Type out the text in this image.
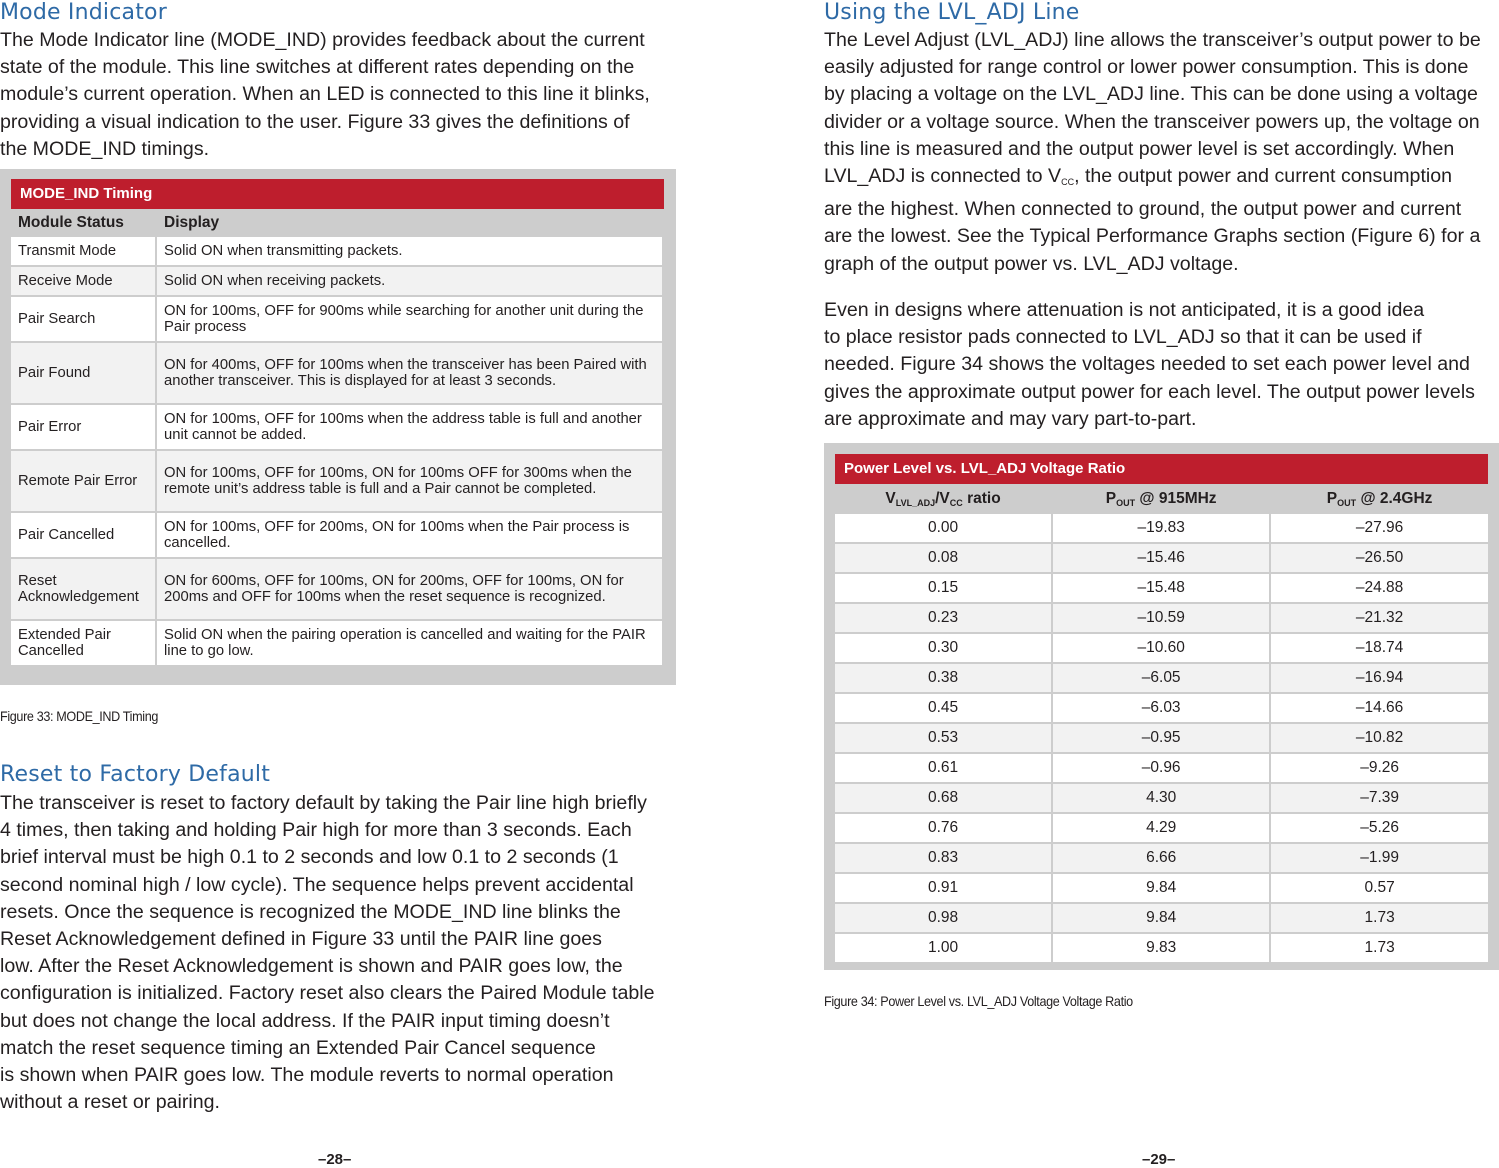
Mode Indicator

The Mode Indicator line (MODE_IND) provides feedback about the current
state of the module. This line switches at different rates depending on the
module’s current operation. When an LED is connected to this line it blinks,
providing a visual indication to the user. Figure 33 gives the definitions of
the MODE_IND timings.

MODE_IND Timing
Module Status	Display
Transmit Mode	Solid ON when transmitting packets.
Receive Mode	Solid ON when receiving packets.
Pair Search	ON for 100ms, OFF for 900ms while searching for another unit during the Pair process
Pair Found	ON for 400ms, OFF for 100ms when the transceiver has been Paired with another transceiver. This is displayed for at least 3 seconds.
Pair Error	ON for 100ms, OFF for 100ms when the address table is full and another unit cannot be added.
Remote Pair Error	ON for 100ms, OFF for 100ms, ON for 100ms OFF for 300ms when the remote unit’s address table is full and a Pair cannot be completed.
Pair Cancelled	ON for 100ms, OFF for 200ms, ON for 100ms when the Pair process is cancelled.
Reset Acknowledgement	ON for 600ms, OFF for 100ms, ON for 200ms, OFF for 100ms, ON for 200ms and OFF for 100ms when the reset sequence is recognized.
Extended Pair Cancelled	Solid ON when the pairing operation is cancelled and waiting for the PAIR line to go low.
Figure 33: MODE_IND Timing
Reset to Factory Default

The transceiver is reset to factory default by taking the Pair line high briefly
4 times, then taking and holding Pair high for more than 3 seconds. Each
brief interval must be high 0.1 to 2 seconds and low 0.1 to 2 seconds (1
second nominal high / low cycle). The sequence helps prevent accidental
resets. Once the sequence is recognized the MODE_IND line blinks the
Reset Acknowledgement defined in Figure 33 until the PAIR line goes
low. After the Reset Acknowledgement is shown and PAIR goes low, the
configuration is initialized. Factory reset also clears the Paired Module table
but does not change the local address. If the PAIR input timing doesn’t
match the reset sequence timing an Extended Pair Cancel sequence
is shown when PAIR goes low. The module reverts to normal operation
without a reset or pairing.

–28–
Using the LVL_ADJ Line

The Level Adjust (LVL_ADJ) line allows the transceiver’s output power to be
easily adjusted for range control or lower power consumption. This is done
by placing a voltage on the LVL_ADJ line. This can be done using a voltage
divider or a voltage source. When the transceiver powers up, the voltage on
this line is measured and the output power level is set accordingly. When
LVL_ADJ is connected to $V_{CC}$, the output power and current consumption
are the highest. When connected to ground, the output power and current
are the lowest. See the Typical Performance Graphs section (Figure 6) for a
graph of the output power vs. LVL_ADJ voltage.

Even in designs where attenuation is not anticipated, it is a good idea
to place resistor pads connected to LVL_ADJ so that it can be used if
needed. Figure 34 shows the voltages needed to set each power level and
gives the approximate output power for each level. The output power levels
are approximate and may vary part-to-part.

Power Level vs. LVL_ADJ Voltage Ratio
$V_{LVL\_ADJ}/V_{CC}$ ratio	$P_{OUT}$ @ 915MHz	$P_{OUT}$ @ 2.4GHz
0.00	–19.83	–27.96
0.08	–15.46	–26.50
0.15	–15.48	–24.88
0.23	–10.59	–21.32
0.30	–10.60	–18.74
0.38	–6.05	–16.94
0.45	–6.03	–14.66
0.53	–0.95	–10.82
0.61	–0.96	–9.26
0.68	4.30	–7.39
0.76	4.29	–5.26
0.83	6.66	–1.99
0.91	9.84	0.57
0.98	9.84	1.73
1.00	9.83	1.73
Figure 34: Power Level vs. LVL_ADJ Voltage Voltage Ratio
–29–
